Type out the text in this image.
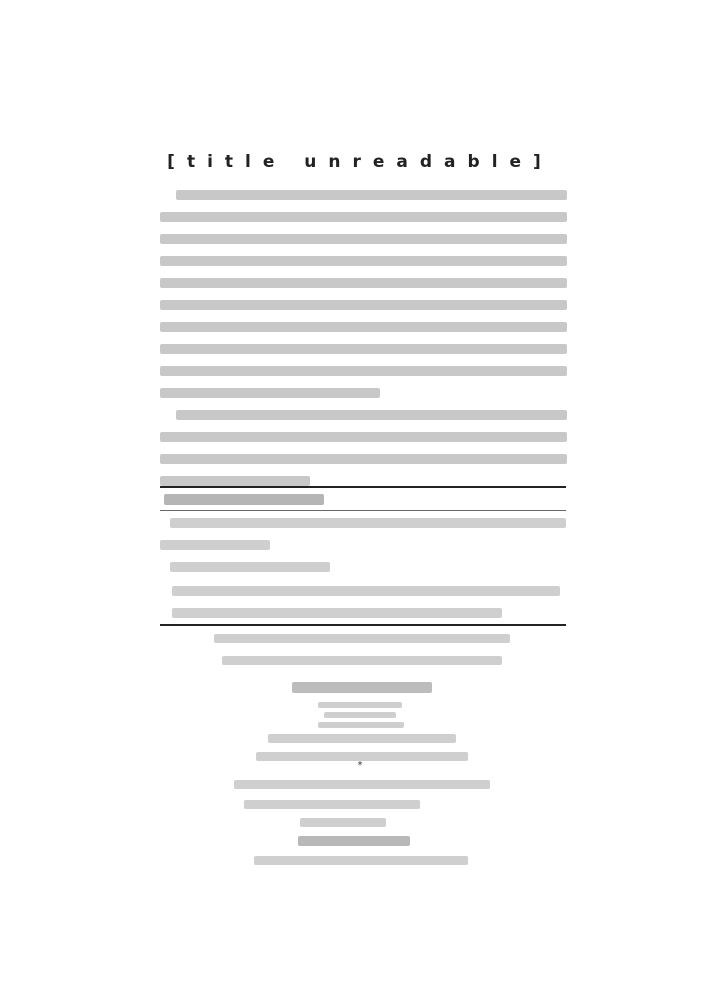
[title unreadable]
*
